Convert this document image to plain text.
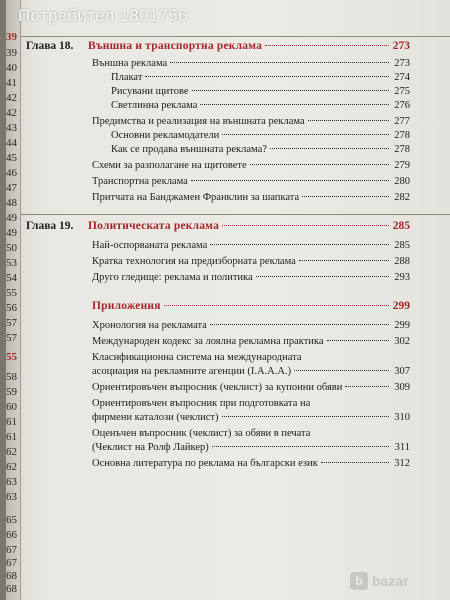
39
39
40
41
42
42
43
44
45
46
47
48
49
49
50
53
54
55
56
57
57
55
58
59
60
61
61
62
62
63
63
65
66
67
67
68
68
Потребител 1801756
Глава 18. Външна и транспортна реклама	273
Външна реклама	273
Плакат	274
Рисувани щитове	275
Светлинна реклама	276
Предимства и реализация на външната реклама	277
Основни рекламодатели	278
Как се продава външната реклама?	278
Схеми за разполагане на щитовете	279
Транспортна реклама	280
Притчата на Банджамен Франклин за шапката	282
Глава 19. Политическата реклама	285
Най-оспорваната реклама	285
Кратка технология на предизборната реклама	288
Друго гледище: реклама и политика	293
Приложения	299
Хронология на рекламата	299
Международен кодекс за лоялна рекламна практика	302
Класификационна система на международната
асоциация на рекламните агенции (I.A.A.A.)	307
Ориентировъчен въпросник (чеклист) за купонни обяви	309
Ориентировъчен въпросник при подготовката на
фирмени каталози (чеклист)	310
Оценъчен въпросник (чеклист) за обяви в печата
(Чеклист на Ролф Лайкер)	311
Основна литература по реклама на български език	312
b bazar
